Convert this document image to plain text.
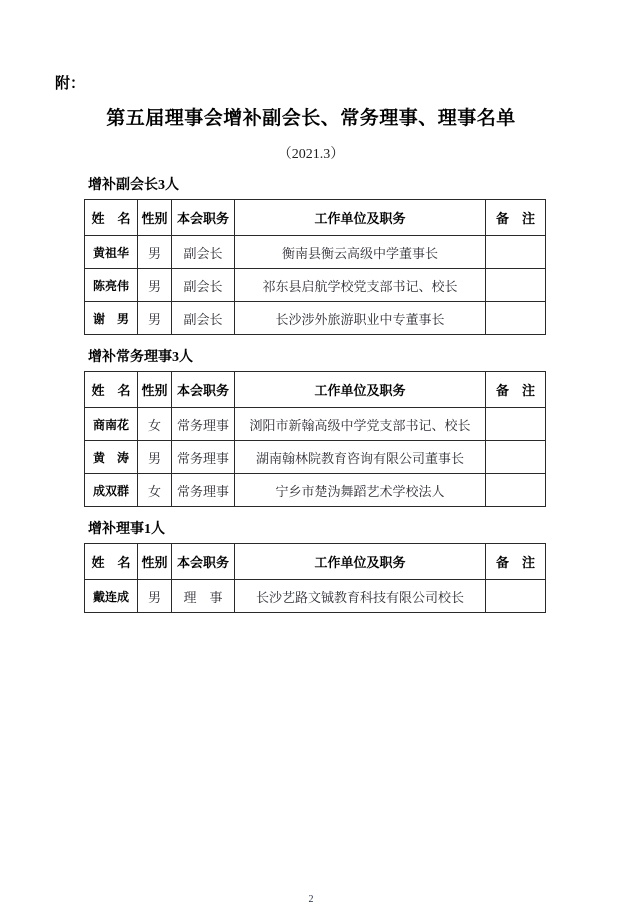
附：
第五届理事会增补副会长、常务理事、理事名单
（2021.3）
增补副会长3人
姓　名	性别	本会职务	工作单位及职务	备　注
黄祖华	男	副会长	衡南县衡云高级中学董事长	
陈亮伟	男	副会长	祁东县启航学校党支部书记、校长	
谢　男	男	副会长	长沙涉外旅游职业中专董事长	
增补常务理事3人
姓　名	性别	本会职务	工作单位及职务	备　注
商南花	女	常务理事	浏阳市新翰高级中学党支部书记、校长	
黄　涛	男	常务理事	湖南翰林院教育咨询有限公司董事长	
成双群	女	常务理事	宁乡市楚沩舞蹈艺术学校法人	
增补理事1人
姓　名	性别	本会职务	工作单位及职务	备　注
戴连成	男	理　事	长沙艺路文铖教育科技有限公司校长	
2
